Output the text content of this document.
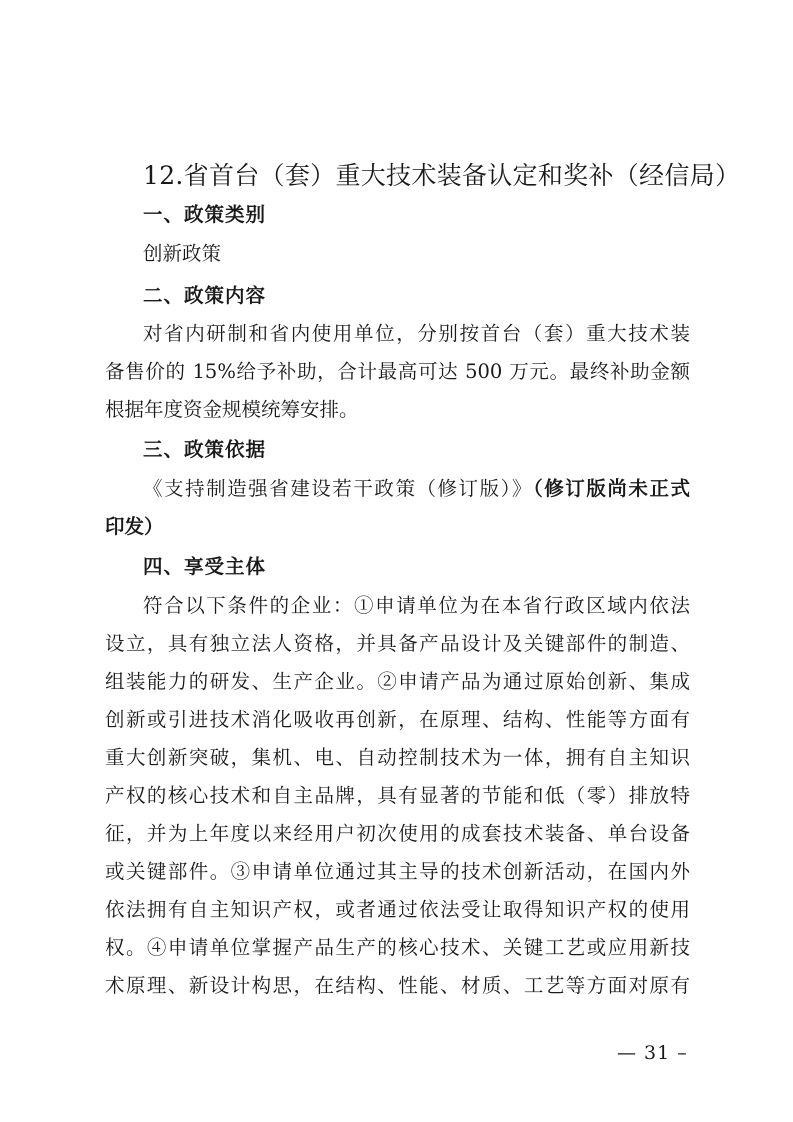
12.省首台（套）重大技术装备认定和奖补（经信局）
一、政策类别
创新政策
二、政策内容
对省内研制和省内使用单位，分别按首台（套）重大技术装
备售价的 15%给予补助，合计最高可达 500 万元。最终补助金额
根据年度资金规模统筹安排。
三、政策依据
《支持制造强省建设若干政策（修订版）》（修订版尚未正式
印发）
四、享受主体
符合以下条件的企业：①申请单位为在本省行政区域内依法
设立，具有独立法人资格，并具备产品设计及关键部件的制造、
组装能力的研发、生产企业。②申请产品为通过原始创新、集成
创新或引进技术消化吸收再创新，在原理、结构、性能等方面有
重大创新突破，集机、电、自动控制技术为一体，拥有自主知识
产权的核心技术和自主品牌，具有显著的节能和低（零）排放特
征，并为上年度以来经用户初次使用的成套技术装备、单台设备
或关键部件。③申请单位通过其主导的技术创新活动，在国内外
依法拥有自主知识产权，或者通过依法受让取得知识产权的使用
权。④申请单位掌握产品生产的核心技术、关键工艺或应用新技
术原理、新设计构思，在结构、性能、材质、工艺等方面对原有
— 31 –
